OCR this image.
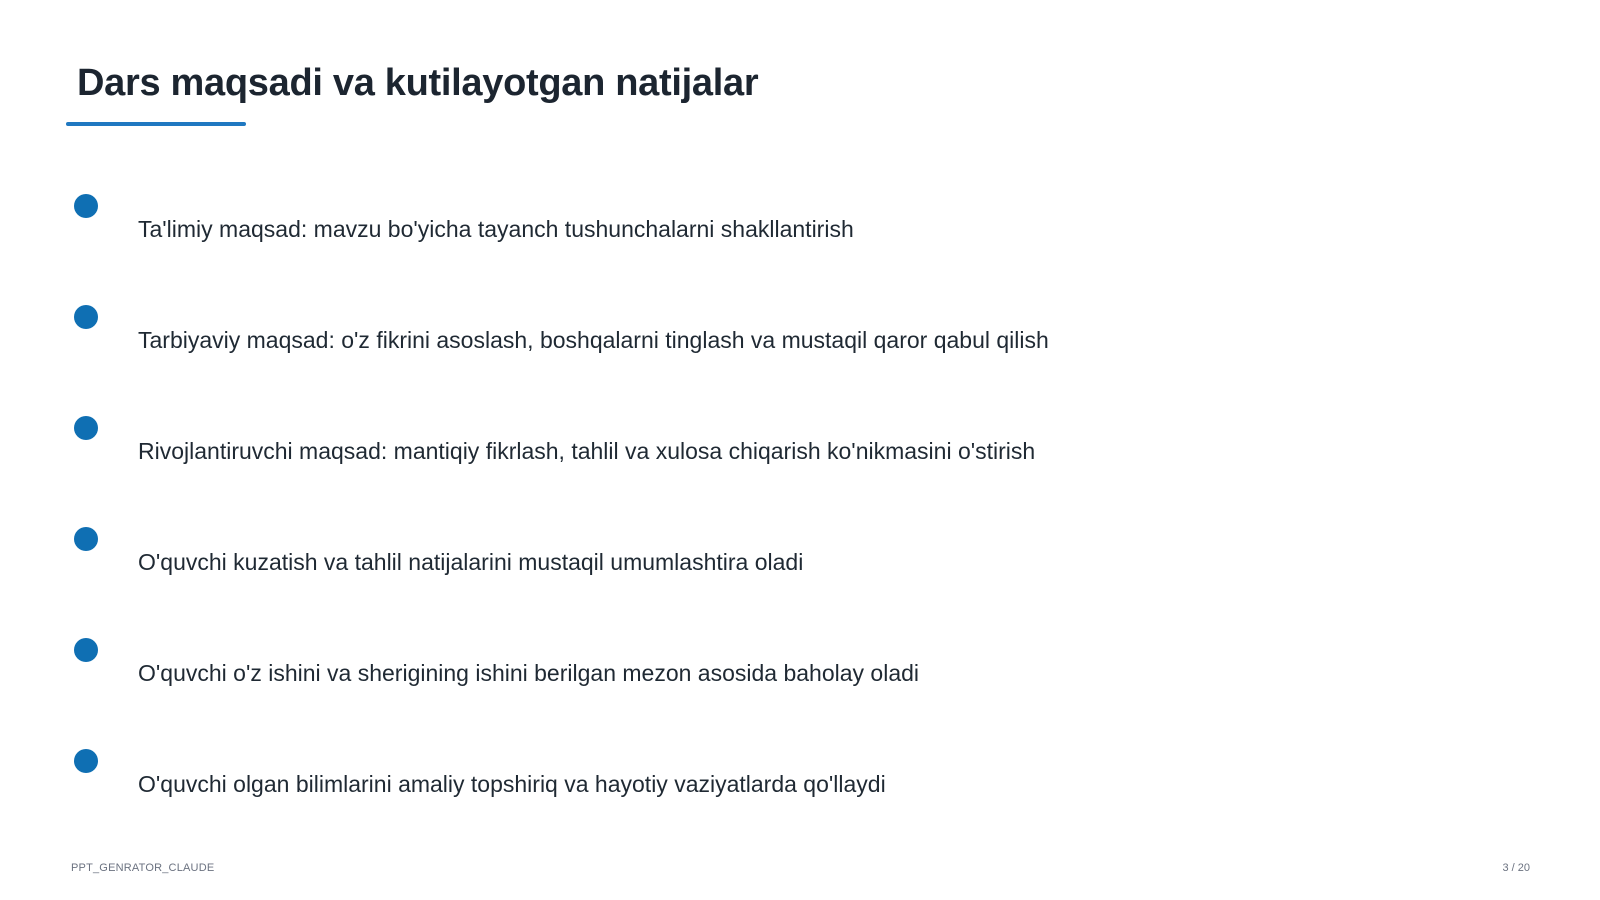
Dars maqsadi va kutilayotgan natijalar
Ta'limiy maqsad: mavzu bo'yicha tayanch tushunchalarni shakllantirish
Tarbiyaviy maqsad: o'z fikrini asoslash, boshqalarni tinglash va mustaqil qaror qabul qilish
Rivojlantiruvchi maqsad: mantiqiy fikrlash, tahlil va xulosa chiqarish ko'nikmasini o'stirish
O'quvchi kuzatish va tahlil natijalarini mustaqil umumlashtira oladi
O'quvchi o'z ishini va sherigining ishini berilgan mezon asosida baholay oladi
O'quvchi olgan bilimlarini amaliy topshiriq va hayotiy vaziyatlarda qo'llaydi
PPT_GENRATOR_CLAUDE	3 / 20
